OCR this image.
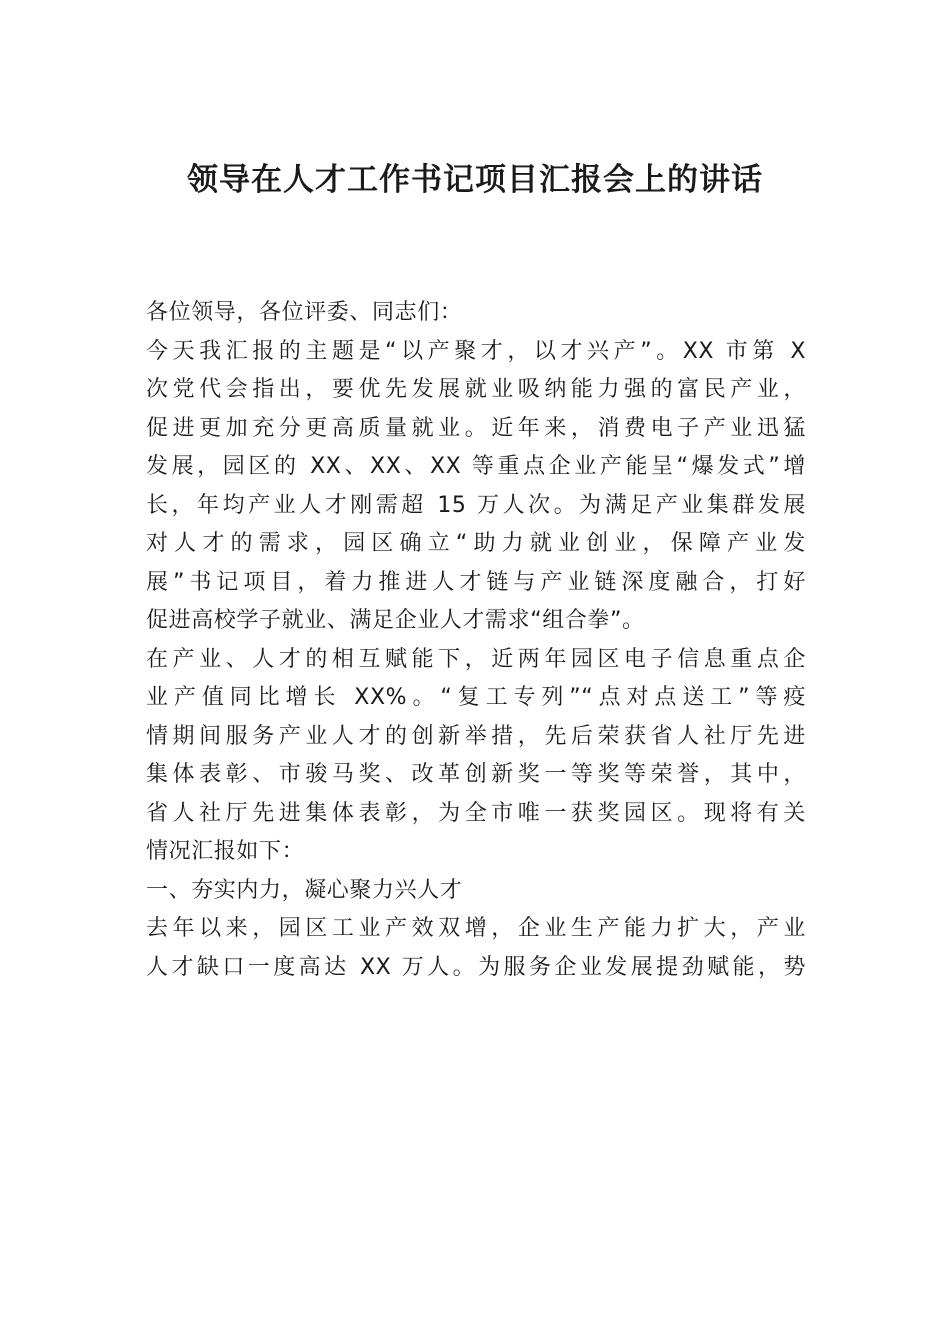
领导在人才工作书记项目汇报会上的讲话
各位领导，各位评委、同志们：
今天我汇报的主题是“以产聚才，以才兴产”。XX 市第 X
次党代会指出，要优先发展就业吸纳能力强的富民产业，
促进更加充分更高质量就业。近年来，消费电子产业迅猛
发展，园区的 XX、XX、XX 等重点企业产能呈“爆发式”增
长，年均产业人才刚需超 15 万人次。为满足产业集群发展
对人才的需求，园区确立“助力就业创业，保障产业发
展”书记项目，着力推进人才链与产业链深度融合，打好
促进高校学子就业、满足企业人才需求“组合拳”。
在产业、人才的相互赋能下，近两年园区电子信息重点企
业产值同比增长 XX%。“复工专列”“点对点送工”等疫
情期间服务产业人才的创新举措，先后荣获省人社厅先进
集体表彰、市骏马奖、改革创新奖一等奖等荣誉，其中，
省人社厅先进集体表彰，为全市唯一获奖园区。现将有关
情况汇报如下：
一、夯实内力，凝心聚力兴人才
去年以来，园区工业产效双增，企业生产能力扩大，产业
人才缺口一度高达 XX 万人。为服务企业发展提劲赋能，势
